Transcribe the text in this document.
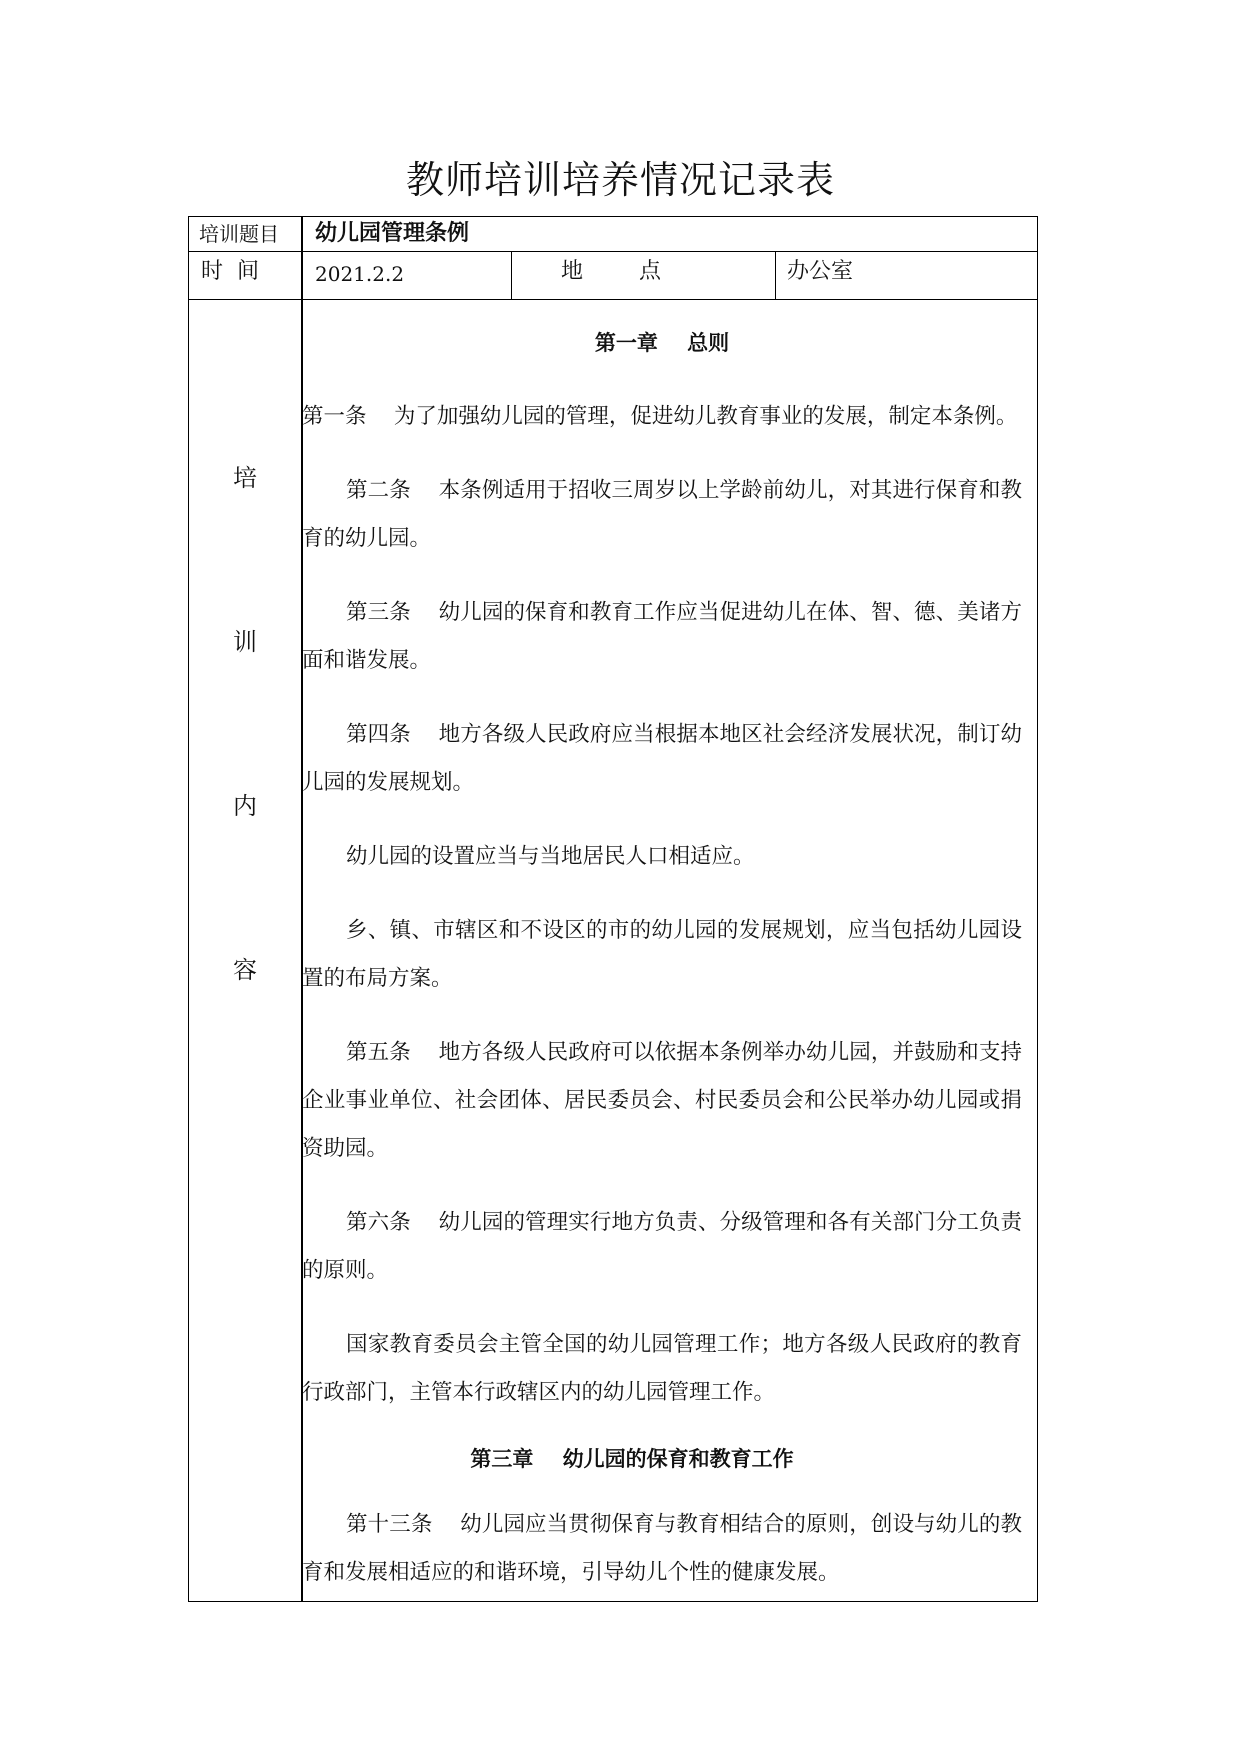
教师培训培养情况记录表
培训题目 幼儿园管理条例
时  间	2021.2.2	地        点	办公室
培
训
内
容
第一章    总则

第一条    为了加强幼儿园的管理，促进幼儿教育事业的发展，制定本条例。

第二条    本条例适用于招收三周岁以上学龄前幼儿，对其进行保育和教育的幼儿园。

第三条    幼儿园的保育和教育工作应当促进幼儿在体、智、德、美诸方面和谐发展。

第四条    地方各级人民政府应当根据本地区社会经济发展状况，制订幼儿园的发展规划。

幼儿园的设置应当与当地居民人口相适应。

乡、镇、市辖区和不设区的市的幼儿园的发展规划，应当包括幼儿园设置的布局方案。

第五条    地方各级人民政府可以依据本条例举办幼儿园，并鼓励和支持企业事业单位、社会团体、居民委员会、村民委员会和公民举办幼儿园或捐资助园。

第六条    幼儿园的管理实行地方负责、分级管理和各有关部门分工负责的原则。

国家教育委员会主管全国的幼儿园管理工作；地方各级人民政府的教育行政部门，主管本行政辖区内的幼儿园管理工作。

第三章    幼儿园的保育和教育工作

第十三条    幼儿园应当贯彻保育与教育相结合的原则，创设与幼儿的教育和发展相适应的和谐环境，引导幼儿个性的健康发展。
